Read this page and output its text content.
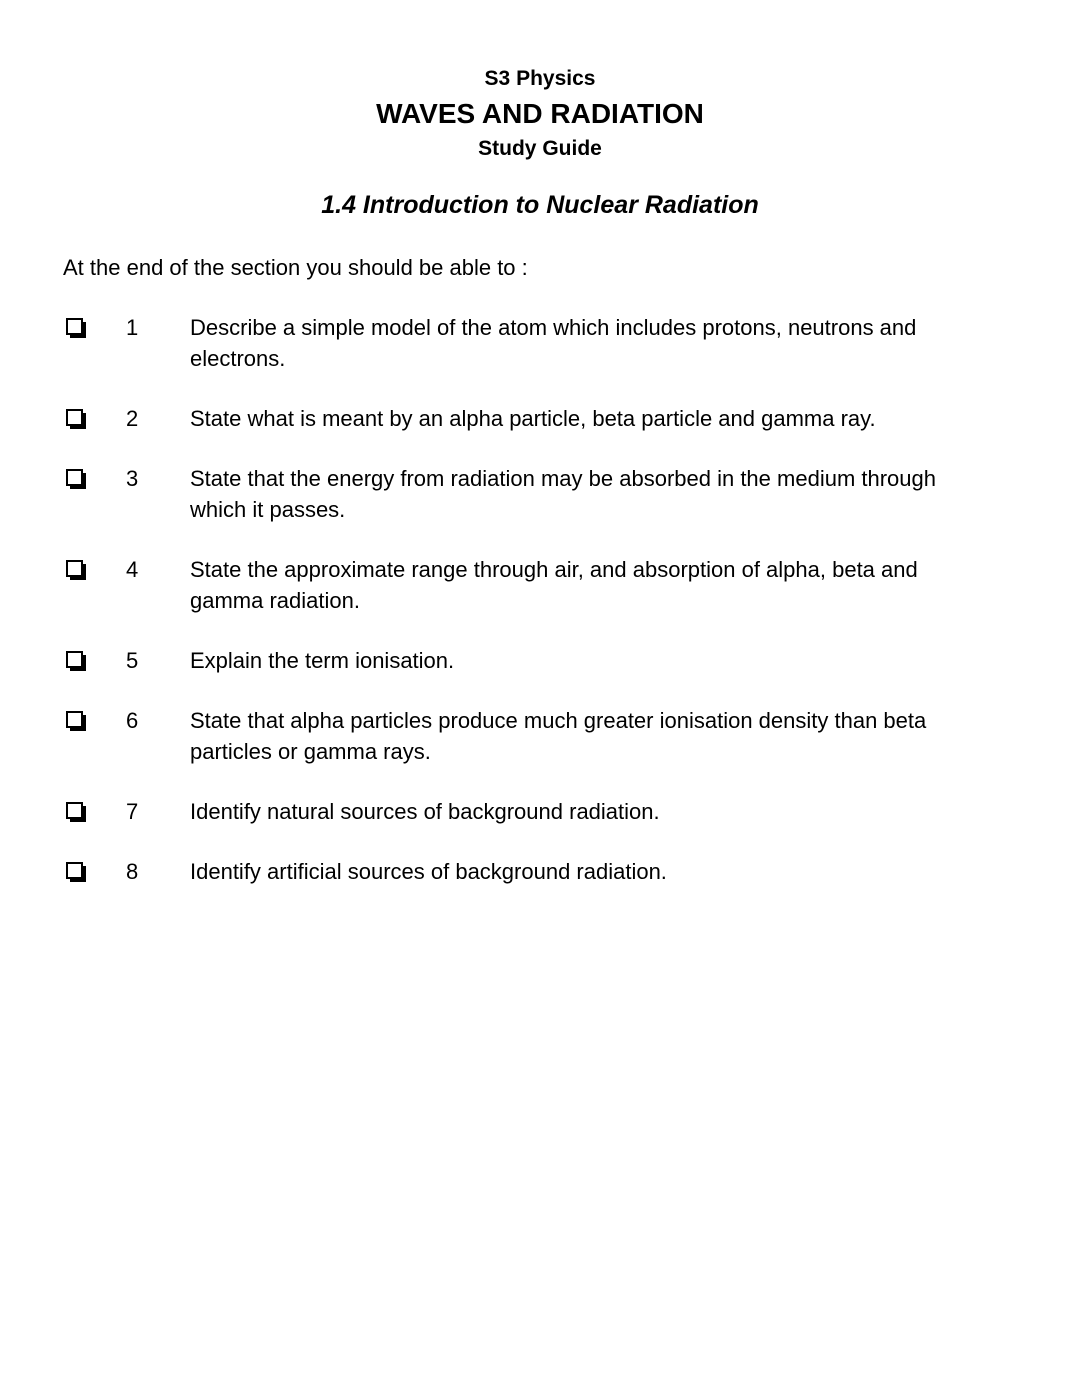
S3 Physics
WAVES AND RADIATION
Study Guide
1.4 Introduction to Nuclear Radiation
At the end of the section you should be able to :
1 Describe a simple model of the atom which includes protons, neutrons and electrons.
2 State what is meant by an alpha particle, beta particle and gamma ray.
3 State that the energy from radiation may be absorbed in the medium through which it passes.
4 State the approximate range through air, and absorption of alpha, beta and gamma radiation.
5 Explain the term ionisation.
6 State that alpha particles produce much greater ionisation density than beta particles or gamma rays.
7 Identify natural sources of background radiation.
8 Identify artificial sources of background radiation.
